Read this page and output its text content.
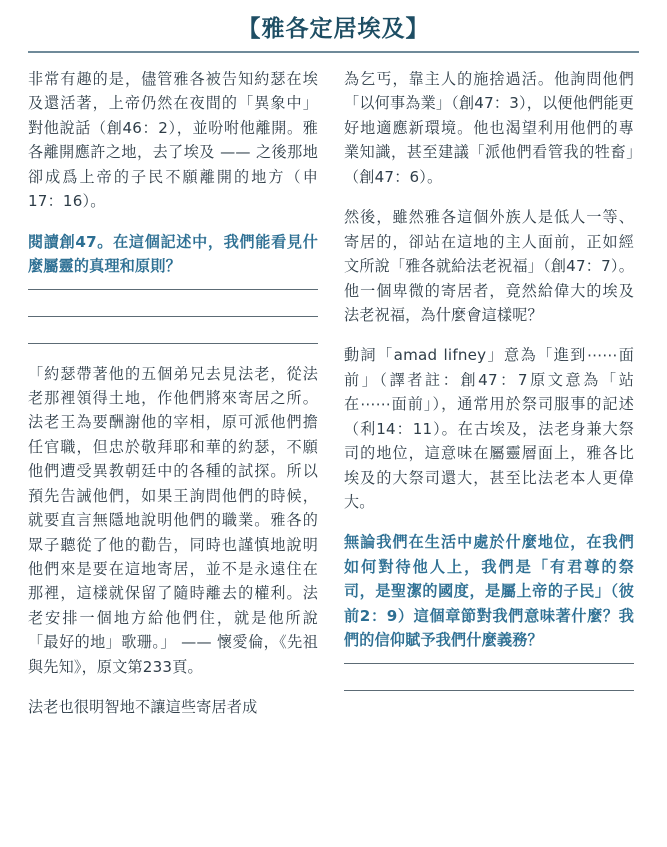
【雅各定居埃及】

非常有趣的是，儘管雅各被告知約瑟在埃及還活著，上帝仍然在夜間的「異象中」對他說話（創46：2），並吩咐他離開。雅各離開應許之地，去了埃及 —— 之後那地卻成爲上帝的子民不願離開的地方（申17：16）。

閱讀創47。在這個記述中，我們能看見什麼屬靈的真理和原則？

「約瑟帶著他的五個弟兄去見法老，從法老那裡領得土地，作他們將來寄居之所。法老王為要酬謝他的宰相，原可派他們擔任官職，但忠於敬拜耶和華的約瑟，不願他們遭受異教朝廷中的各種的試探。所以預先告誡他們，如果王詢問他們的時候，就要直言無隱地說明他們的職業。雅各的眾子聽從了他的勸告，同時也謹慎地說明他們來是要在這地寄居，並不是永遠住在那裡，這樣就保留了隨時離去的權利。法老安排一個地方給他們住，就是他所說「最好的地」歌珊。」 —— 懷愛倫，《先祖與先知》，原文第233頁。

法老也很明智地不讓這些寄居者成

為乞丐，靠主人的施捨過活。他詢問他們「以何事為業」（創47：3），以便他們能更好地適應新環境。他也渴望利用他們的專業知識，甚至建議「派他們看管我的牲畜」（創47：6）。

然後，雖然雅各這個外族人是低人一等、寄居的，卻站在這地的主人面前，正如經文所說「雅各就給法老祝福」（創47：7）。他一個卑微的寄居者，竟然給偉大的埃及法老祝福，為什麼會這樣呢？

動詞「amad lifney」意為「進到⋯⋯面前」（譯者註：創47：7原文意為「站在⋯⋯面前」），通常用於祭司服事的記述（利14：11）。在古埃及，法老身兼大祭司的地位，這意味在屬靈層面上，雅各比埃及的大祭司還大，甚至比法老本人更偉大。

無論我們在生活中處於什麼地位，在我們如何對待他人上，我們是「有君尊的祭司，是聖潔的國度，是屬上帝的子民」（彼前2：9）這個章節對我們意味著什麼？我們的信仰賦予我們什麼義務？
